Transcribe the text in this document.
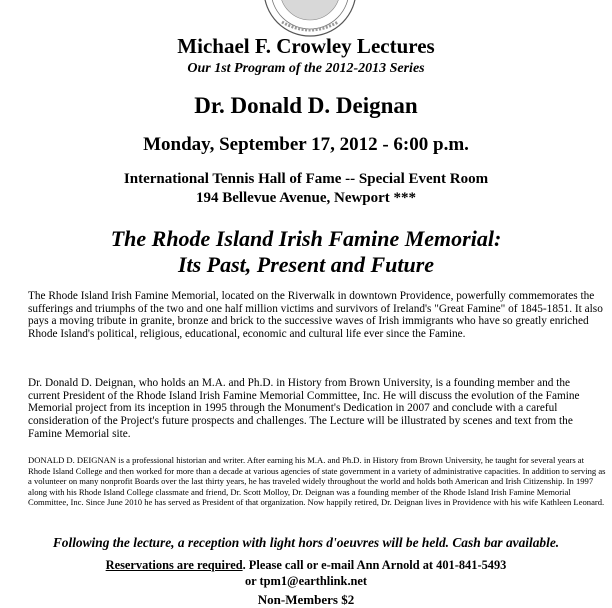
Michael F. Crowley Lectures
Our 1st Program of the 2012-2013 Series
Dr. Donald D. Deignan
Monday, September 17, 2012 - 6:00 p.m.
International Tennis Hall of Fame -- Special Event Room
194 Bellevue Avenue, Newport ***
The Rhode Island Irish Famine Memorial:
Its Past, Present and Future
The Rhode Island Irish Famine Memorial, located on the Riverwalk in downtown Providence, powerfully commemorates the sufferings and triumphs of the two and one half million victims and survivors of Ireland's "Great Famine" of 1845-1851. It also pays a moving tribute in granite, bronze and brick to the successive waves of Irish immigrants who have so greatly enriched Rhode Island's political, religious, educational, economic and cultural life ever since the Famine.
Dr. Donald D. Deignan, who holds an M.A. and Ph.D. in History from Brown University, is a founding member and the current President of the Rhode Island Irish Famine Memorial Committee, Inc. He will discuss the evolution of the Famine Memorial project from its inception in 1995 through the Monument's Dedication in 2007 and conclude with a careful consideration of the Project's future prospects and challenges. The Lecture will be illustrated by scenes and text from the Famine Memorial site.
DONALD D. DEIGNAN is a professional historian and writer. After earning his M.A. and Ph.D. in History from Brown University, he taught for several years at Rhode Island College and then worked for more than a decade at various agencies of state government in a variety of administrative capacities. In addition to serving as a volunteer on many nonprofit Boards over the last thirty years, he has traveled widely throughout the world and holds both American and Irish Citizenship. In 1997 along with his Rhode Island College classmate and friend, Dr. Scott Molloy, Dr. Deignan was a founding member of the Rhode Island Irish Famine Memorial Committee, Inc. Since June 2010 he has served as President of that organization. Now happily retired, Dr. Deignan lives in Providence with his wife Kathleen Leonard.
Following the lecture, a reception with light hors d'oeuvres will be held. Cash bar available.
Reservations are required. Please call or e-mail Ann Arnold at 401-841-5493
or tpm1@earthlink.net
Non-Members $2
